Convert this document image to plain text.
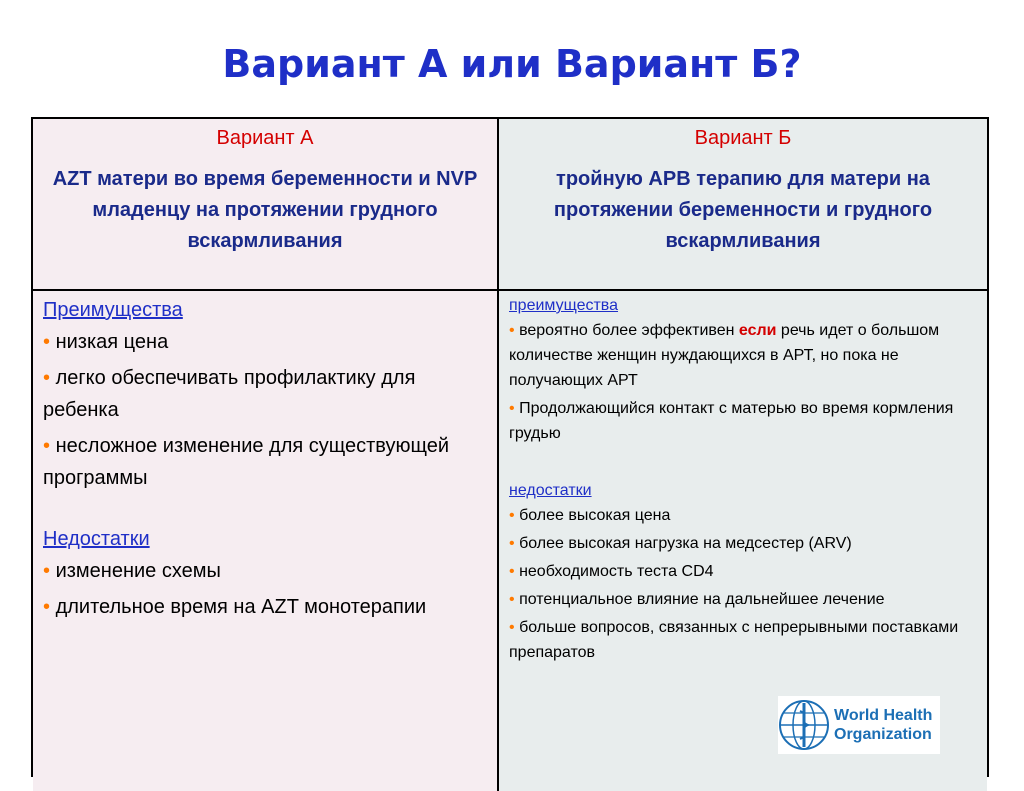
Вариант А или Вариант Б?
Вариант А
AZT матери во время беременности и NVP младенцу на протяжении грудного вскармливания
Вариант Б
тройную АРВ терапию для матери на протяжении беременности и грудного вскармливания
Преимущества
• низкая цена
• легко обеспечивать профилактику для ребенка
• несложное изменение для существующей программы
Недостатки
• изменение схемы
• длительное время на AZT монотерапии
преимущества
• вероятно более эффективен если речь идет о большом количестве женщин нуждающихся в АРТ, но пока не получающих АРТ
• Продолжающийся контакт с матерью во время кормления грудью
недостатки
• более высокая цена
• более высокая нагрузка на медсестер (ARV)
• необходимость теста CD4
• потенциальное влияние на дальнейшее лечение
• больше вопросов, связанных с непрерывными поставками препаратов
World Health
Organization
